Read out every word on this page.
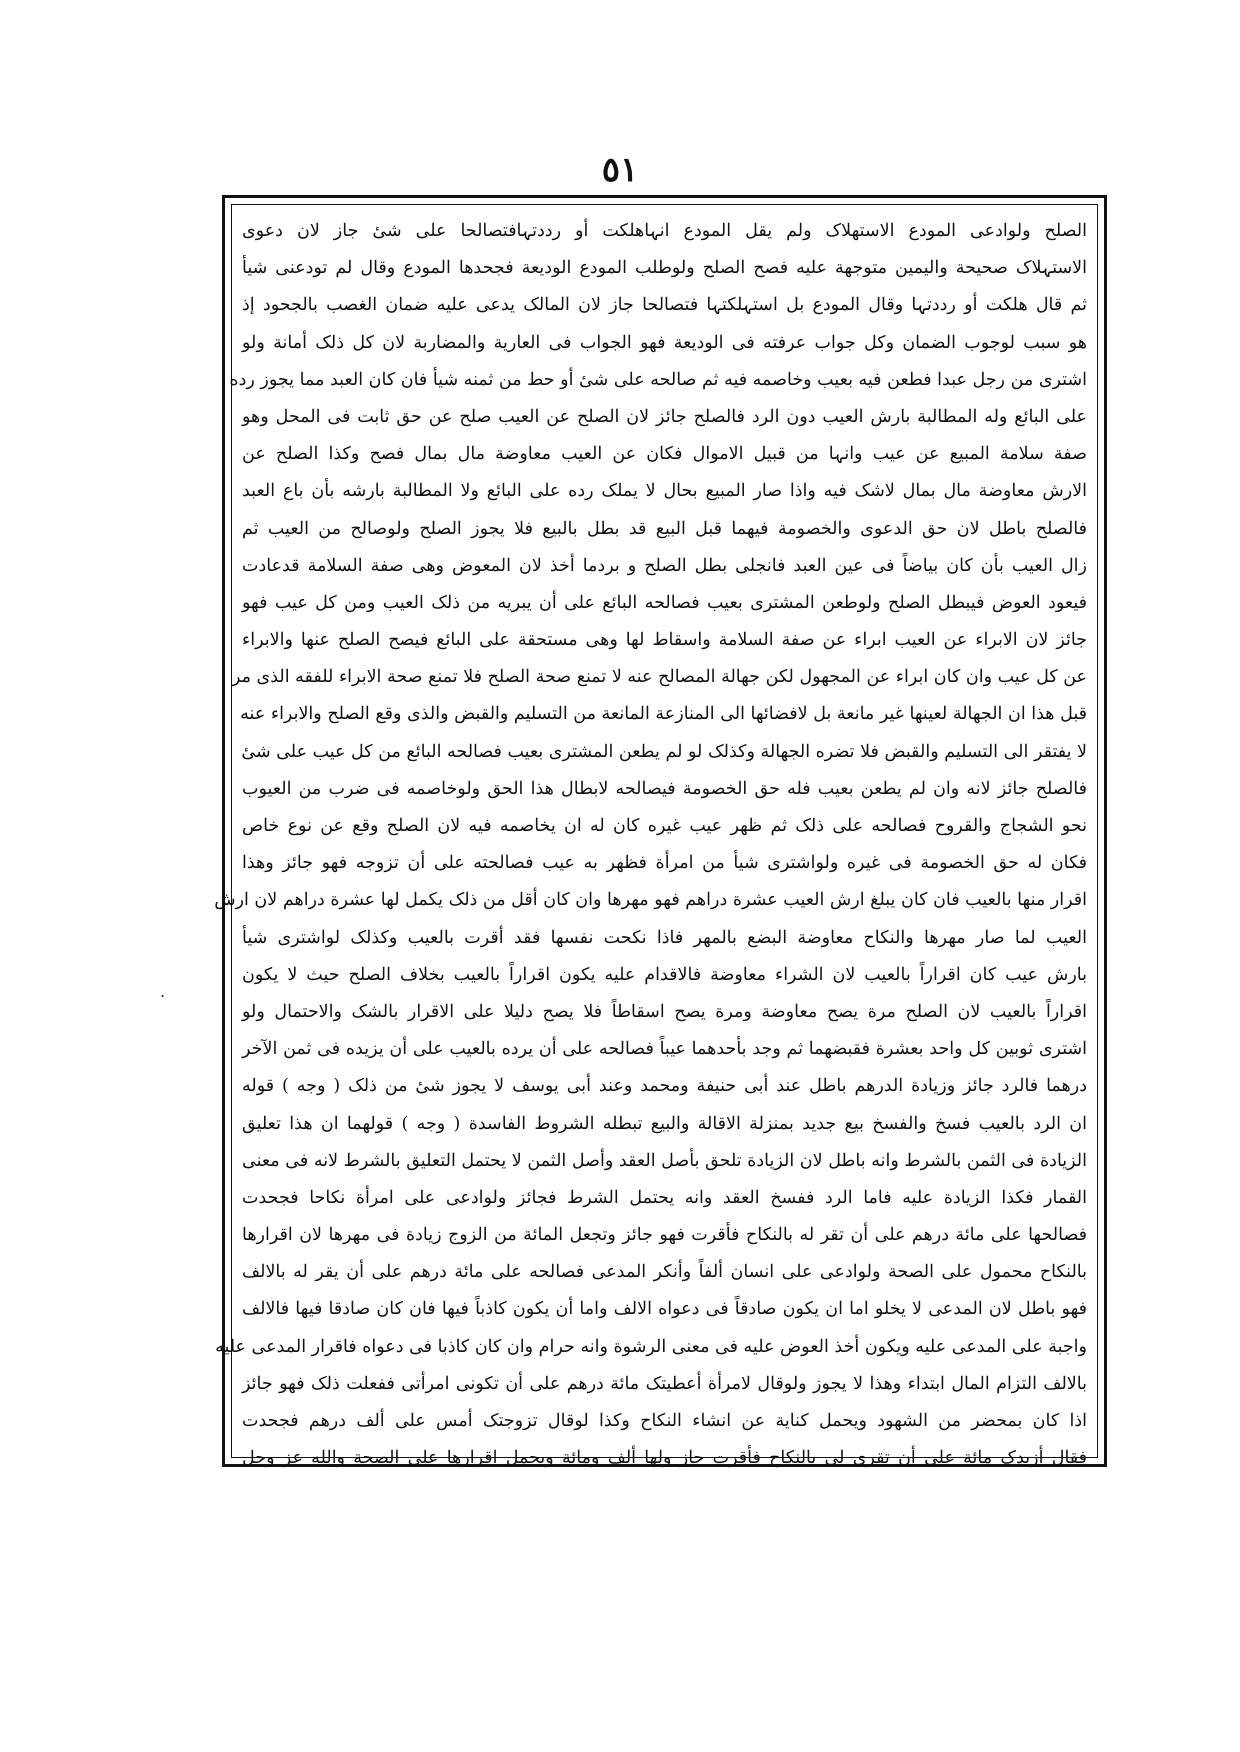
٥١
الصلح ولوادعی المودع الاستهلاک ولم یقل المودع انہاهلکت أو رددتہافتصالحا علی شیٔ جاز لان دعوی
الاستہلاک صحیحة والیمین متوجهة علیه فصح الصلح ولوطلب المودع الودیعة فجحدها المودع وقال لم تودعنی شیأ
ثم قال هلکت أو رددتہا وقال المودع بل استہلکتہا فتصالحا جاز لان المالک یدعی علیه ضمان الغصب بالجحود إذ
هو سبب لوجوب الضمان وکل جواب عرفته فی الودیعة فهو الجواب فی العاریة والمضاربة لان کل ذلک أمانة ولو
اشتری من رجل عبدا فطعن فیه بعیب وخاصمه فیه ثم صالحه علی شیٔ أو حط من ثمنه شیأ فان کان العبد مما یجوز رده
علی البائع وله المطالبة بارش العیب دون الرد فالصلح جائز لان الصلح عن العیب صلح عن حق ثابت فی المحل وهو
صفة سلامة المبیع عن عیب وانہا من قبیل الاموال فکان عن العیب معاوضة مال بمال فصح وکذا الصلح عن
الارش معاوضة مال بمال لاشک فیه واذا صار المبیع بحال لا یملک رده علی البائع ولا المطالبة بارشه بأن باع العبد
فالصلح باطل لان حق الدعوی والخصومة فیهما قبل البیع قد بطل بالبیع فلا یجوز الصلح ولوصالح من العیب ثم
زال العیب بأن کان بیاضاً فی عین العبد فانجلی بطل الصلح و بردما أخذ لان المعوض وهی صفة السلامة قدعادت
فیعود العوض فیبطل الصلح ولوطعن المشتری بعیب فصالحه البائع علی أن یبریه من ذلک العیب ومن کل عیب فهو
جائز لان الابراء عن العیب ابراء عن صفة السلامة واسقاط لها وهی مستحقة علی البائع فیصح الصلح عنها والابراء
عن کل عیب وان کان ابراء عن المجهول لکن جهالة المصالح عنه لا تمنع صحة الصلح فلا تمنع صحة الابراء للفقه الذی مر
قبل هذا ان الجهالة لعینها غیر مانعة بل لافضائها الی المنازعة المانعة من التسلیم والقبض والذی وقع الصلح والابراء عنه
لا یفتقر الی التسلیم والقبض فلا تضره الجهالة وکذلک لو لم یطعن المشتری بعیب فصالحه البائع من کل عیب علی شیٔ
فالصلح جائز لانه وان لم یطعن بعیب فله حق الخصومة فیصالحه لابطال هذا الحق ولوخاصمه فی ضرب من العیوب
نحو الشجاج والقروح فصالحه علی ذلک ثم ظهر عیب غیره کان له ان یخاصمه فیه لان الصلح وقع عن نوع خاص
فکان له حق الخصومة فی غیره ولواشتری شیأ من امرأة فظهر به عیب فصالحته علی أن تزوجه فهو جائز وهذا
اقرار منها بالعیب فان کان یبلغ ارش العیب عشرة دراهم فهو مهرها وان کان أقل من ذلک یکمل لها عشرة دراهم لان ارش
العیب لما صار مهرها والنکاح معاوضة البضع بالمهر فاذا نکحت نفسها فقد أقرت بالعیب وکذلک لواشتری شیأ
بارش عیب کان اقراراً بالعیب لان الشراء معاوضة فالاقدام علیه یکون اقراراً بالعیب بخلاف الصلح حیث لا یکون
اقراراً بالعیب لان الصلح مرة یصح معاوضة ومرة یصح اسقاطاً فلا یصح دلیلا علی الاقرار بالشک والاحتمال ولو
اشتری ثوبین کل واحد بعشرة فقبضهما ثم وجد بأحدهما عیباً فصالحه علی أن یرده بالعیب علی أن یزیده فی ثمن الآخر
درهما فالرد جائز وزیادة الدرهم باطل عند أبی حنیفة ومحمد وعند أبی یوسف لا یجوز شیٔ من ذلک ( وجه ) قوله
ان الرد بالعیب فسخ والفسخ بیع جدید بمنزلة الاقالة والبیع تبطله الشروط الفاسدة ( وجه ) قولهما ان هذا تعلیق
الزیادة فی الثمن بالشرط وانه باطل لان الزیادة تلحق بأصل العقد وأصل الثمن لا یحتمل التعلیق بالشرط لانه فی معنی
القمار فکذا الزیادة علیه فاما الرد ففسخ العقد وانه یحتمل الشرط فجائز ولوادعی علی امرأة نکاحا فجحدت
فصالحها علی مائة درهم علی أن تقر له بالنکاح فأقرت فهو جائز وتجعل المائة من الزوج زیادة فی مهرها لان اقرارها
بالنکاح محمول علی الصحة ولوادعی علی انسان ألفاً وأنکر المدعی فصالحه علی مائة درهم علی أن یقر له بالالف
فهو باطل لان المدعی لا یخلو اما ان یکون صادقاً فی دعواه الالف واما أن یکون کاذباً فیها فان کان صادقا فیها فالالف
واجبة علی المدعی علیه ویکون أخذ العوض علیه فی معنی الرشوة وانه حرام وان کان کاذبا فی دعواه فاقرار المدعی علیه
بالالف التزام المال ابتداء وهذا لا یجوز ولوقال لامرأة أعطیتک مائة درهم علی أن تکونی امرأتی ففعلت ذلک فهو جائز
اذا کان بمحضر من الشهود ویحمل کنایة عن انشاء النکاح وکذا لوقال تزوجتک أمس علی ألف درهم فجحدت
فقال أزیدک مائة علی أن تقری لی بالنکاح فأقرت جاز ولها ألف ومائة ویحمل اقرارها علی الصحة والله عز وجل
.
